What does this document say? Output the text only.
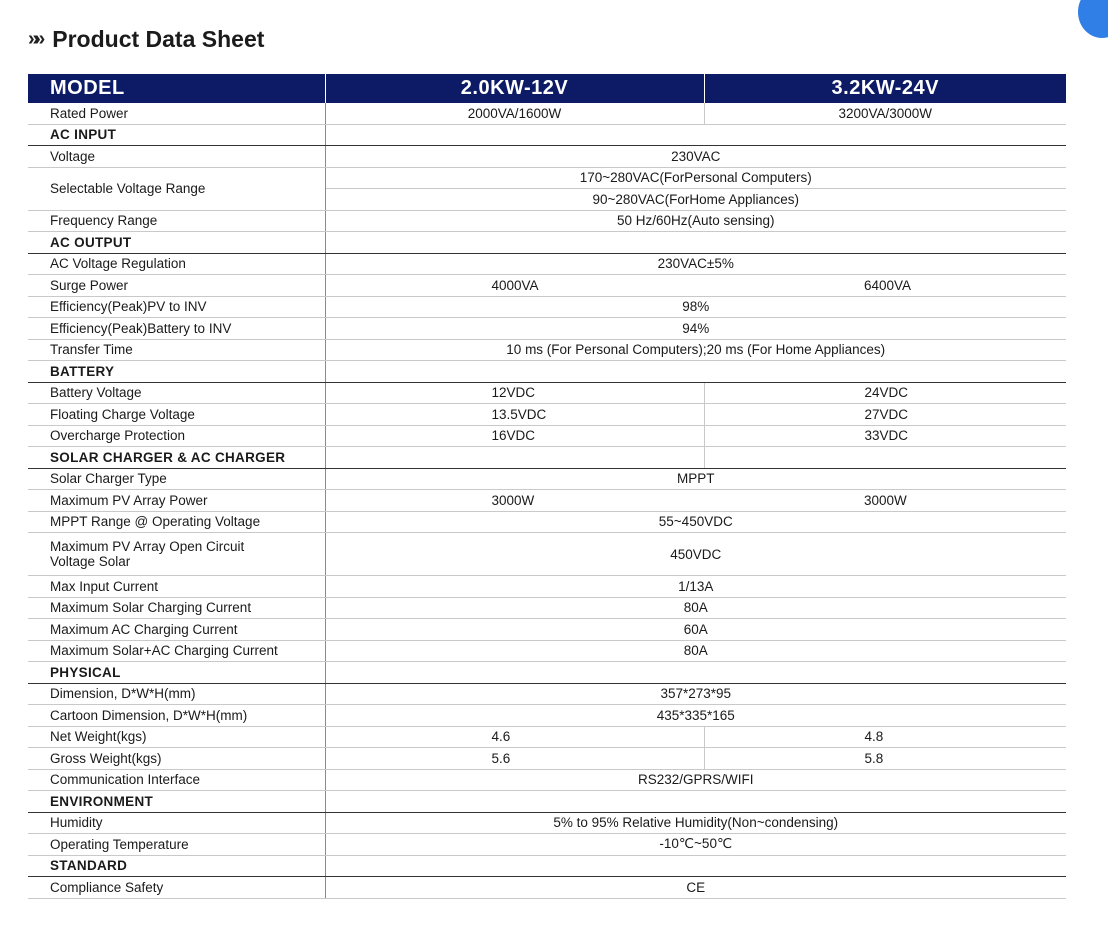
»» Product Data Sheet
MODEL	2.0KW-12V	3.2KW-24V
Rated Power	2000VA/1600W	3200VA/3000W
AC INPUT		
Voltage	230VAC	
Selectable Voltage Range	170~280VAC(ForPersonal Computers)	
	90~280VAC(ForHome Appliances)	
Frequency Range	50 Hz/60Hz(Auto sensing)	
AC OUTPUT		
AC Voltage Regulation	230VAC±5%	
Surge Power	4000VA	6400VA
Efficiency(Peak)PV to INV	98%	
Efficiency(Peak)Battery to INV	94%	
Transfer Time	10 ms (For Personal Computers);20 ms (For Home Appliances)	
BATTERY		
Battery Voltage	12VDC	24VDC
Floating Charge Voltage	13.5VDC	27VDC
Overcharge Protection	16VDC	33VDC
SOLAR CHARGER & AC CHARGER		
Solar Charger Type	MPPT	
Maximum PV Array Power	3000W	3000W
MPPT Range @ Operating Voltage	55~450VDC	

Maximum PV Array Open Circuit
Voltage Solar	450VDC	
Max Input Current	1/13A	
Maximum Solar Charging Current	80A	
Maximum AC Charging Current	60A	
Maximum Solar+AC Charging Current	80A	
PHYSICAL		
Dimension, D*W*H(mm)	357*273*95	
Cartoon Dimension, D*W*H(mm)	435*335*165	
Net Weight(kgs)	4.6	4.8
Gross Weight(kgs)	5.6	5.8
Communication Interface	RS232/GPRS/WIFI	
ENVIRONMENT		
Humidity	5% to 95% Relative Humidity(Non~condensing)	
Operating Temperature	-10℃~50℃	
STANDARD		
Compliance Safety	CE	
